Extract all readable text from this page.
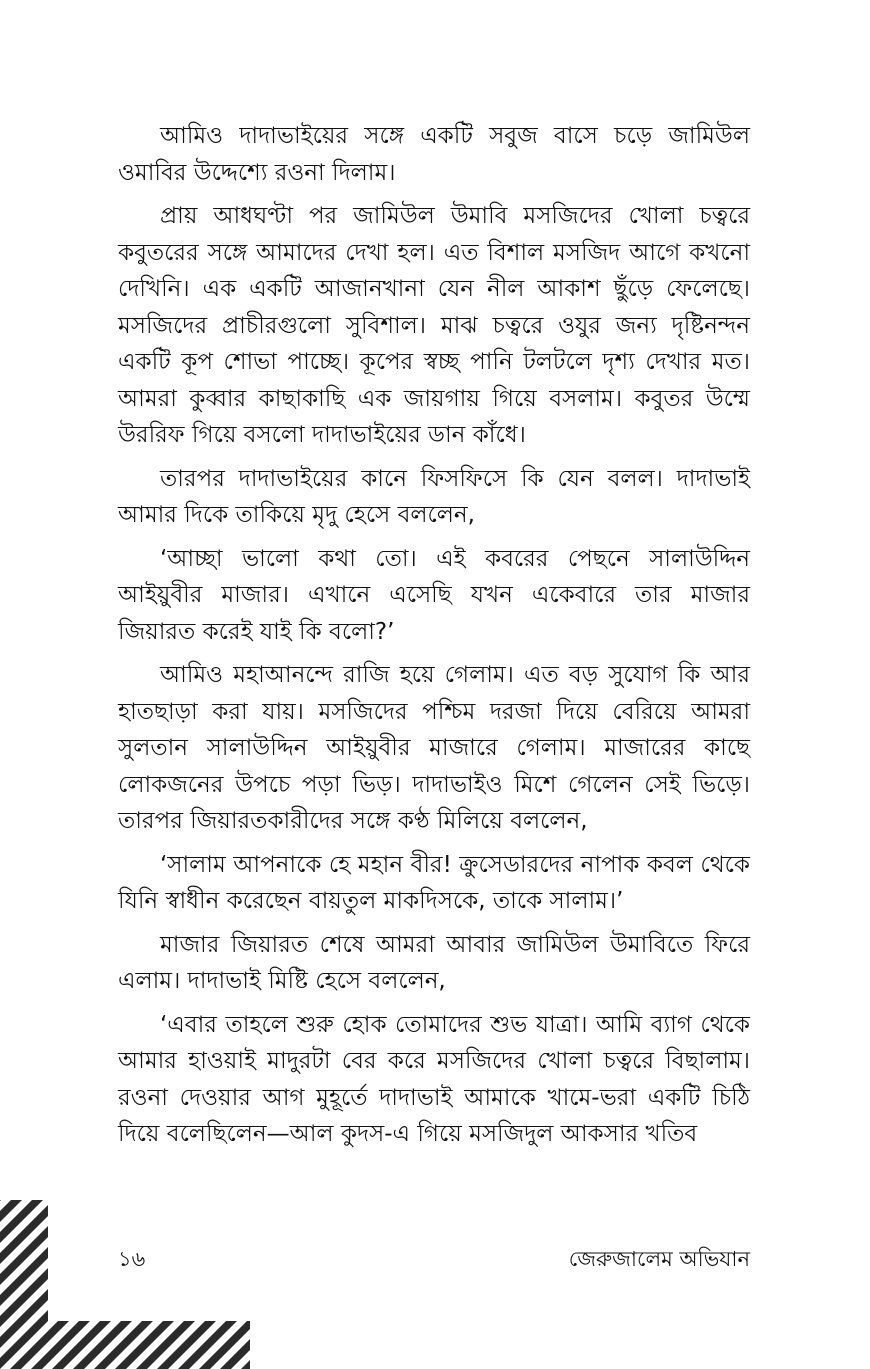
আমিও দাদাভাইয়ের সঙ্গে একটি সবুজ বাসে চড়ে জামিউল ওমাবির উদ্দেশ্যে রওনা দিলাম।

প্রায় আধঘণ্টা পর জামিউল উমাবি মসজিদের খোলা চত্বরে কবুতরের সঙ্গে আমাদের দেখা হল। এত বিশাল মসজিদ আগে কখনো দেখিনি। এক একটি আজানখানা যেন নীল আকাশ ছুঁড়ে ফেলেছে। মসজিদের প্রাচীরগুলো সুবিশাল। মাঝ চত্বরে ওযুর জন্য দৃষ্টিনন্দন একটি কূপ শোভা পাচ্ছে। কূপের স্বচ্ছ পানি টলটলে দৃশ্য দেখার মত। আমরা কুব্বার কাছাকাছি এক জায়গায় গিয়ে বসলাম। কবুতর উম্মে উররিফ গিয়ে বসলো দাদাভাইয়ের ডান কাঁধে।

তারপর দাদাভাইয়ের কানে ফিসফিসে কি যেন বলল। দাদাভাই আমার দিকে তাকিয়ে মৃদু হেসে বললেন,

‘আচ্ছা ভালো কথা তো। এই কবরের পেছনে সালাউদ্দিন আইয়ুবীর মাজার। এখানে এসেছি যখন একেবারে তার মাজার জিয়ারত করেই যাই কি বলো?’

আমিও মহাআনন্দে রাজি হয়ে গেলাম। এত বড় সুযোগ কি আর হাতছাড়া করা যায়। মসজিদের পশ্চিম দরজা দিয়ে বেরিয়ে আমরা সুলতান সালাউদ্দিন আইয়ুবীর মাজারে গেলাম। মাজারের কাছে লোকজনের উপচে পড়া ভিড়। দাদাভাইও মিশে গেলেন সেই ভিড়ে। তারপর জিয়ারতকারীদের সঙ্গে কণ্ঠ মিলিয়ে বললেন,

‘সালাম আপনাকে হে মহান বীর! ক্রুসেডারদের নাপাক কবল থেকে যিনি স্বাধীন করেছেন বায়তুল মাকদিসকে, তাকে সালাম।’

মাজার জিয়ারত শেষে আমরা আবার জামিউল উমাবিতে ফিরে এলাম। দাদাভাই মিষ্টি হেসে বললেন,

‘এবার তাহলে শুরু হোক তোমাদের শুভ যাত্রা। আমি ব্যাগ থেকে আমার হাওয়াই মাদুরটা বের করে মসজিদের খোলা চত্বরে বিছালাম। রওনা দেওয়ার আগ মুহূর্তে দাদাভাই আমাকে খামে-ভরা একটি চিঠি দিয়ে বলেছিলেন—আল কুদস-এ গিয়ে মসজিদুল আকসার খতিব

১৬	জেরুজালেম অভিযান
